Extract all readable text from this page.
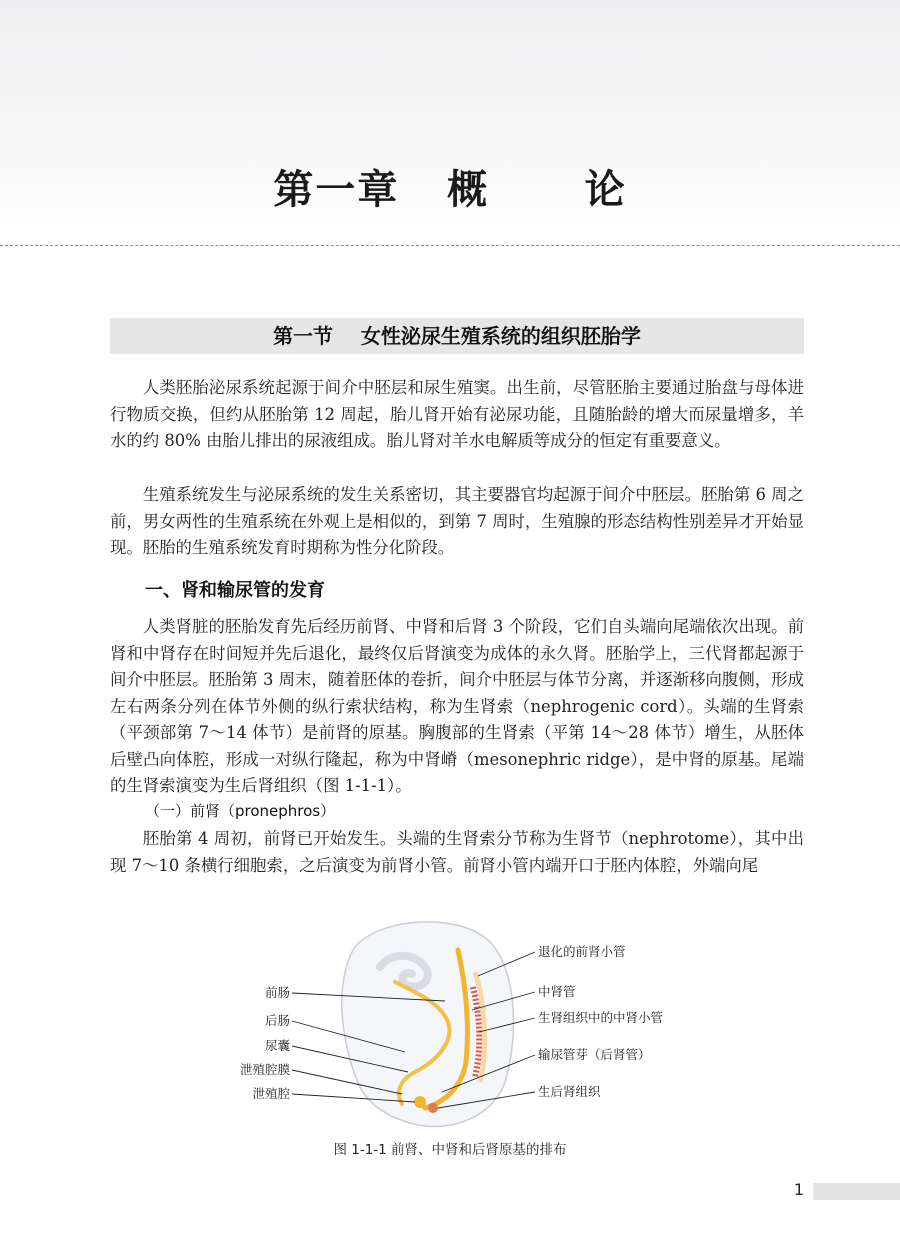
第一章   概      论
第一节    女性泌尿生殖系统的组织胚胎学

人类胚胎泌尿系统起源于间介中胚层和尿生殖窦。出生前，尽管胚胎主要通过胎盘与母体进行物质交换，但约从胚胎第 12 周起，胎儿肾开始有泌尿功能，且随胎龄的增大而尿量增多，羊水的约 80% 由胎儿排出的尿液组成。胎儿肾对羊水电解质等成分的恒定有重要意义。

生殖系统发生与泌尿系统的发生关系密切，其主要器官均起源于间介中胚层。胚胎第 6 周之前，男女两性的生殖系统在外观上是相似的，到第 7 周时，生殖腺的形态结构性别差异才开始显现。胚胎的生殖系统发育时期称为性分化阶段。

一、肾和输尿管的发育

人类肾脏的胚胎发育先后经历前肾、中肾和后肾 3 个阶段，它们自头端向尾端依次出现。前肾和中肾存在时间短并先后退化，最终仅后肾演变为成体的永久肾。胚胎学上，三代肾都起源于间介中胚层。胚胎第 3 周末，随着胚体的卷折，间介中胚层与体节分离，并逐渐移向腹侧，形成左右两条分列在体节外侧的纵行索状结构，称为生肾索（nephrogenic cord）。头端的生肾索（平颈部第 7～14 体节）是前肾的原基。胸腹部的生肾索（平第 14～28 体节）增生，从胚体后壁凸向体腔，形成一对纵行隆起，称为中肾嵴（mesonephric ridge），是中肾的原基。尾端的生肾索演变为生后肾组织（图 1-1-1）。

（一）前肾（pronephros）

胚胎第 4 周初，前肾已开始发生。头端的生肾索分节称为生肾节（nephrotome），其中出现 7～10 条横行细胞索，之后演变为前肾小管。前肾小管内端开口于胚内体腔，外端向尾

前肠
后肠
尿囊
泄殖腔膜
泄殖腔
退化的前肾小管
中肾管
生肾组织中的中肾小管
输尿管芽（后肾管）
生后肾组织
图 1-1-1 前肾、中肾和后肾原基的排布
1
